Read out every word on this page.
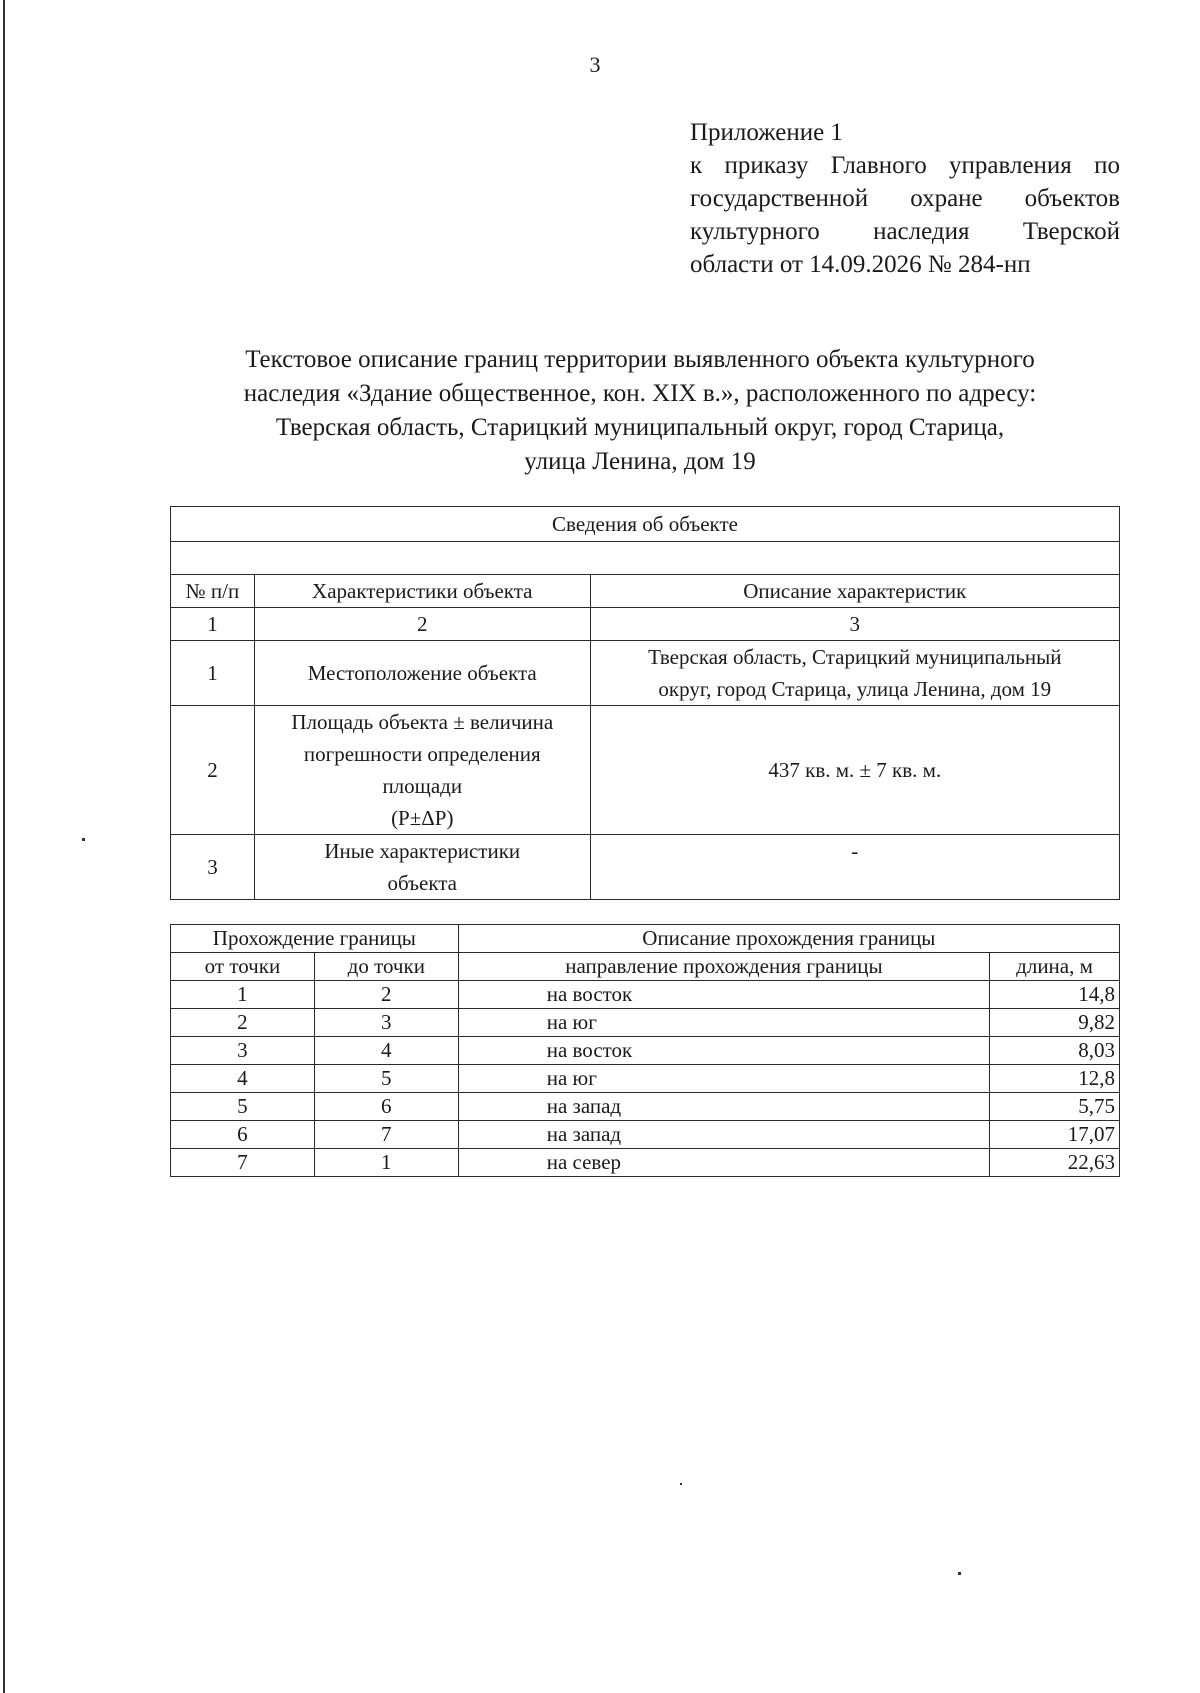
3
Приложение 1
к приказу Главного управления по
государственной охране объектов
культурного наследия Тверской
области от 14.09.2026 № 284-нп
Текстовое описание границ территории выявленного объекта культурного
наследия «Здание общественное, кон. XIX в.», расположенного по адресу:
Тверская область, Старицкий муниципальный округ, город Старица,
улица Ленина, дом 19
Сведения об объекте		

№ п/п	Характеристики объекта	Описание характеристик
1	2	3
1	Местоположение объекта	Тверская область, Старицкий муниципальный
округ, город Старица, улица Ленина, дом 19

2	Площадь объекта ± величина
погрешности определения
площади
(P±ΔP)	437 кв. м. ± 7 кв. м.
3	Иные характеристики
объекта	-
Прохождение границы		Описание прохождения границы	
от точки	до точки	направление прохождения границы	длина, м
1	2	на восток	14,8
2	3	на юг	9,82
3	4	на восток	8,03
4	5	на юг	12,8
5	6	на запад	5,75
6	7	на запад	17,07
7	1	на север	22,63
